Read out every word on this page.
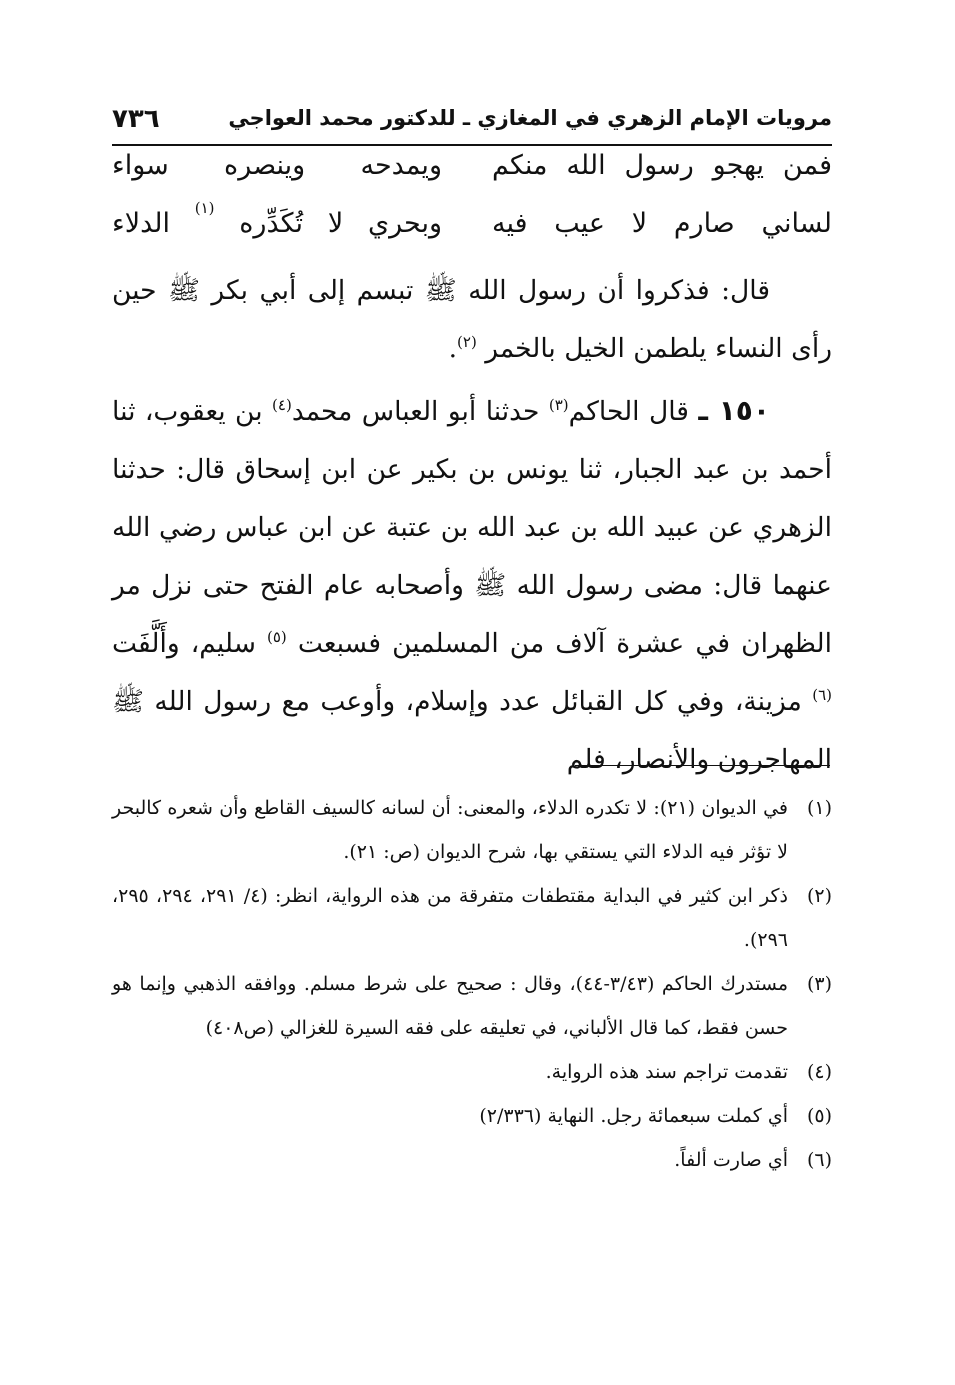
مرويات الإمام الزهري في المغازي ـ للدكتور محمد العواجي
٧٣٦
فمن
يهجو
رسول
الله
منكم
ويمدحه
وينصره
سواء
لساني
صارم
لا
عيب
فيه
وبحري
لا
تُكَدِّره
(١)
الدلاء

قال: فذكروا أن رسول الله ﷺ تبسم إلى أبي بكر ﷺ حين رأى النساء يلطمن الخيل بالخمر $^{(٢)}$.

١٥٠ ـ قال الحاكم$^{(٣)}$ حدثنا أبو العباس محمد$^{(٤)}$ بن يعقوب، ثنا أحمد بن عبد الجبار، ثنا يونس بن بكير عن ابن إسحاق قال: حدثنا الزهري عن عبيد الله بن عبد الله بن عتبة عن ابن عباس رضي الله عنهما قال: مضى رسول الله ﷺ وأصحابه عام الفتح حتى نزل مر الظهران في عشرة آلاف من المسلمين فسبعت $^{(٥)}$ سليم، وأَلَّفَت $^{(٦)}$ مزينة، وفي كل القبائل عدد وإسلام، وأوعب مع رسول الله ﷺ المهاجرون والأنصار، فلم

(١)
في الديوان (٢١): لا تكدره الدلاء، والمعنى: أن لسانه كالسيف القاطع وأن شعره كالبحر لا تؤثر فيه الدلاء التي يستقي بها، شرح الديوان (ص: ٢١).
(٢)
ذكر ابن كثير في البداية مقتطفات متفرقة من هذه الرواية، انظر: (٤/ ٢٩١، ٢٩٤، ٢٩٥، ٢٩٦).
(٣)
مستدرك الحاكم (٣/٤٣-٤٤)، وقال : صحيح على شرط مسلم. ووافقه الذهبي وإنما هو حسن فقط، كما قال الألباني، في تعليقه على فقه السيرة للغزالي (ص٤٠٨)
(٤)
تقدمت تراجم سند هذه الرواية.
(٥)
أي كملت سبعمائة رجل. النهاية (٢/٣٣٦)
(٦)
أي صارت ألفاً.
